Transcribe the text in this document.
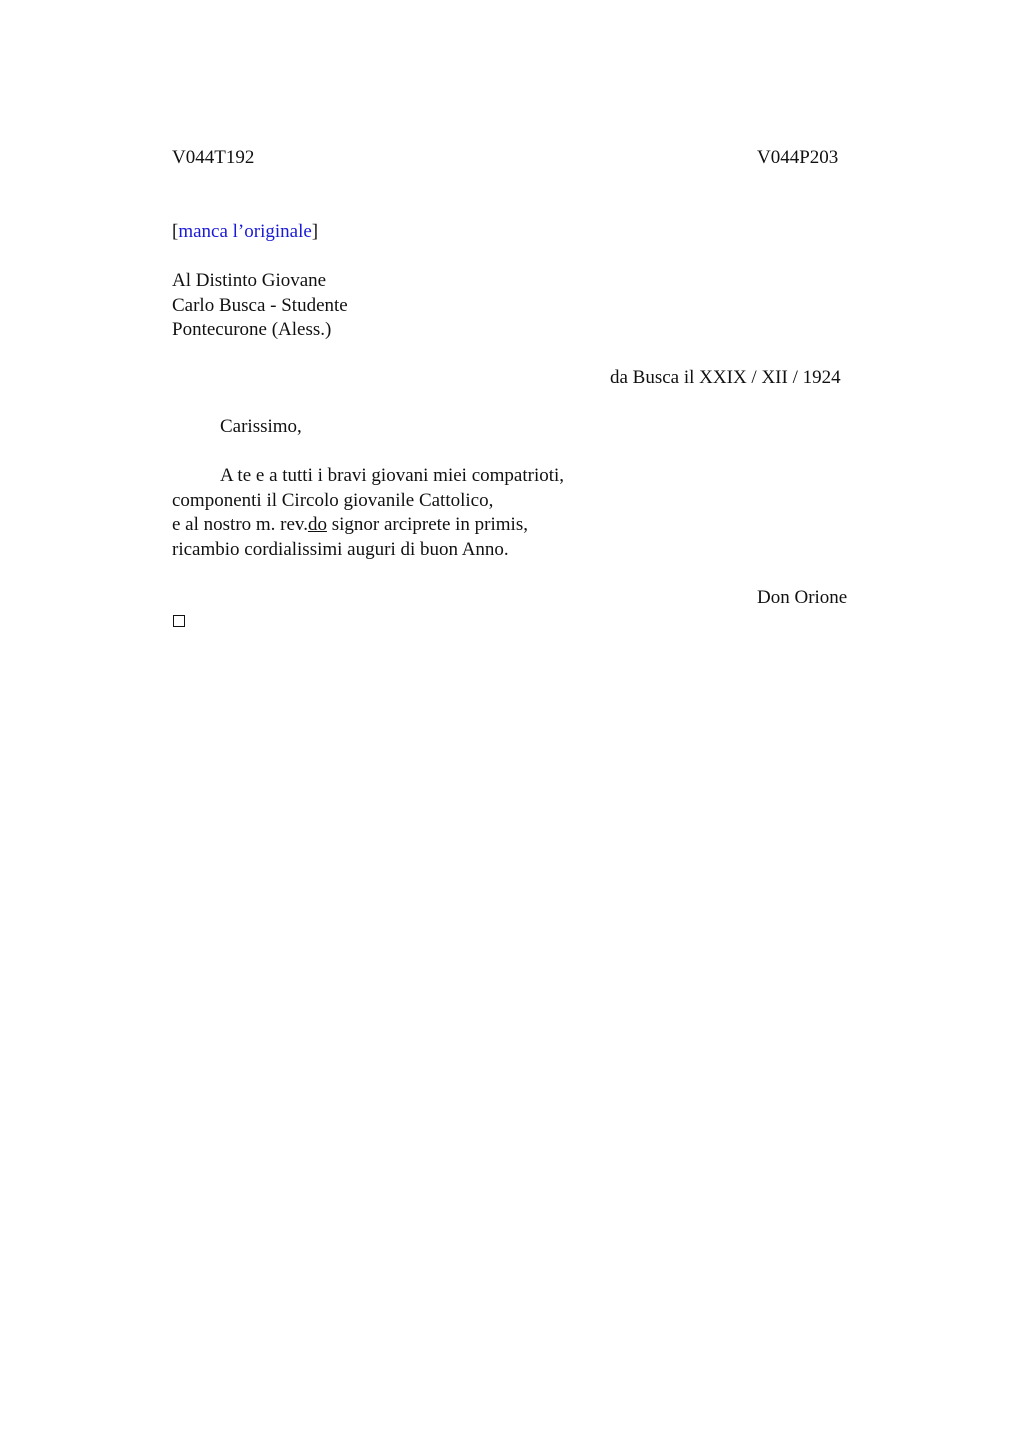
V044T192	V044P203
[manca l’originale]
Al Distinto Giovane
Carlo Busca - Studente
Pontecurone (Aless.)
da Busca il XXIX / XII / 1924
Carissimo,
A te e a tutti i bravi giovani miei compatrioti,
componenti il Circolo giovanile Cattolico,
e al nostro m. rev.do signor arciprete in primis,
ricambio cordialissimi auguri di buon Anno.
Don Orione
